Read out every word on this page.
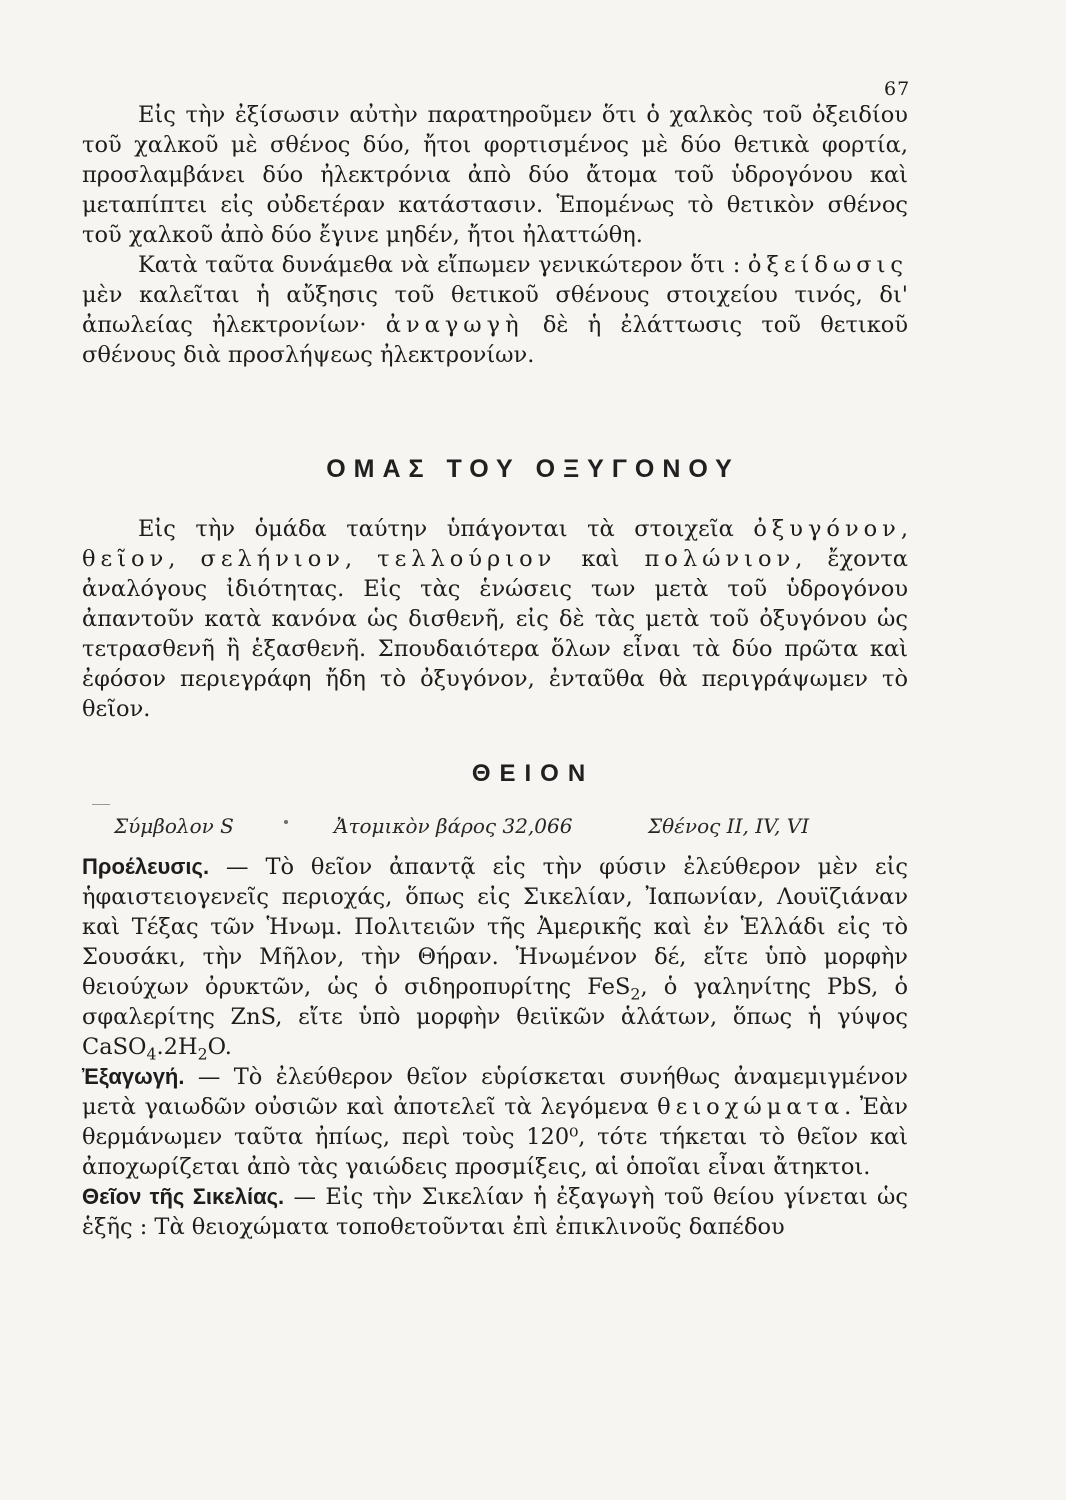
67

Εἰς τὴν ἐξίσωσιν αὐτὴν παρατηροῦμεν ὅτι ὁ χαλκὸς τοῦ ὀξειδίου τοῦ χαλκοῦ μὲ σθένος δύο, ἤτοι φορτισμένος μὲ δύο θετικὰ φορτία, προσλαμβάνει δύο ἠλεκτρόνια ἀπὸ δύο ἄτομα τοῦ ὑδρογόνου καὶ μεταπίπτει εἰς οὐδετέραν κατάστασιν. Ἑπομένως τὸ θετικὸν σθένος τοῦ χαλκοῦ ἀπὸ δύο ἔγινε μηδέν, ἤτοι ἠλαττώθη.

Κατὰ ταῦτα δυνάμεθα νὰ εἴπωμεν γενικώτερον ὅτι : ὀξείδωσις μὲν καλεῖται ἡ αὔξησις τοῦ θετικοῦ σθένους στοιχείου τινός, δι' ἀπωλείας ἠλεκτρονίων· ἀναγωγὴ δὲ ἡ ἐλάττωσις τοῦ θετικοῦ σθένους διὰ προσλήψεως ἠλεκτρονίων.

ΟΜΑΣ ΤΟΥ ΟΞΥΓΟΝΟΥ

Εἰς τὴν ὁμάδα ταύτην ὑπάγονται τὰ στοιχεῖα ὀξυγόνον, θεῖον, σελήνιον, τελλούριον καὶ πολώνιον, ἔχοντα ἀναλόγους ἰδιότητας. Εἰς τὰς ἑνώσεις των μετὰ τοῦ ὑδρογόνου ἀπαντοῦν κατὰ κανόνα ὡς δισθενῆ, εἰς δὲ τὰς μετὰ τοῦ ὀξυγόνου ὡς τετρασθενῆ ἢ ἑξασθενῆ. Σπουδαιότερα ὅλων εἶναι τὰ δύο πρῶτα καὶ ἐφόσον περιεγράφη ἤδη τὸ ὀξυγόνον, ἐνταῦθα θὰ περιγράψωμεν τὸ θεῖον.

ΘΕΙΟΝ
Σύμβολον S	Ἀτομικὸν βάρος 32,066	Σθένος II, IV, VI

Προέλευσις. — Τὸ θεῖον ἀπαντᾷ εἰς τὴν φύσιν ἐλεύθερον μὲν εἰς ἡφαιστειογενεῖς περιοχάς, ὅπως εἰς Σικελίαν, Ἰαπωνίαν, Λουϊζιάναν καὶ Τέξας τῶν Ἡνωμ. Πολιτειῶν τῆς Ἀμερικῆς καὶ ἐν Ἑλλάδι εἰς τὸ Σουσάκι, τὴν Μῆλον, τὴν Θήραν. Ἡνωμένον δέ, εἴτε ὑπὸ μορφὴν θειούχων ὀρυκτῶν, ὡς ὁ σιδηροπυρίτης FeS$_2$, ὁ γαληνίτης PbS, ὁ σφαλερίτης ZnS, εἴτε ὑπὸ μορφὴν θειϊκῶν ἁλάτων, ὅπως ἡ γύψος $CaSO_4.2H_2O$.

Ἐξαγωγή. — Τὸ ἐλεύθερον θεῖον εὑρίσκεται συνήθως ἀναμεμιγμένον μετὰ γαιωδῶν οὐσιῶν καὶ ἀποτελεῖ τὰ λεγόμενα θειοχώματα. Ἐὰν θερμάνωμεν ταῦτα ἠπίως, περὶ τοὺς 120⁰, τότε τήκεται τὸ θεῖον καὶ ἀποχωρίζεται ἀπὸ τὰς γαιώδεις προσμίξεις, αἱ ὁποῖαι εἶναι ἄτηκτοι.

Θεῖον τῆς Σικελίας. — Εἰς τὴν Σικελίαν ἡ ἐξαγωγὴ τοῦ θείου γίνεται ὡς ἑξῆς : Τὰ θειοχώματα τοποθετοῦνται ἐπὶ ἐπικλινοῦς δαπέδου
